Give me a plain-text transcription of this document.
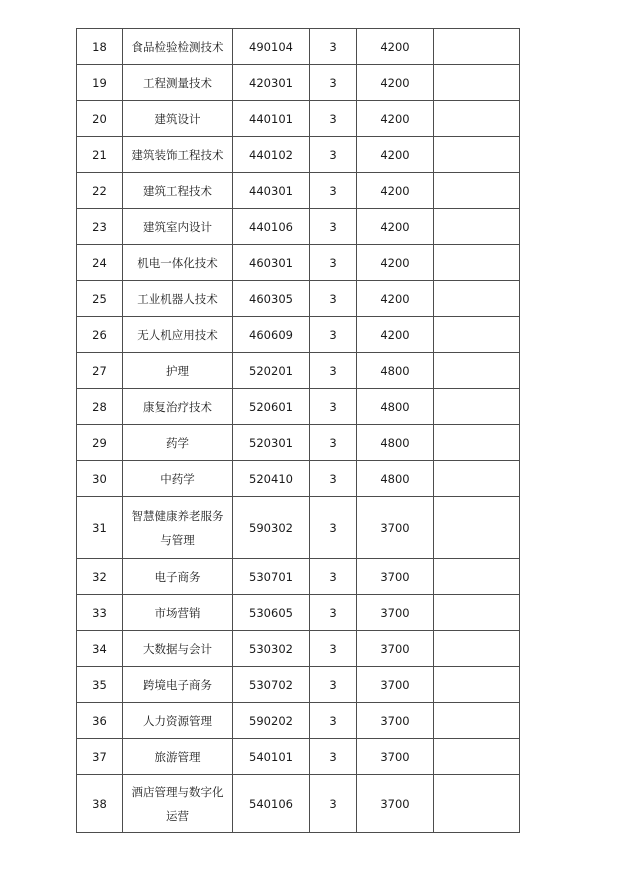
18	食品检验检测技术	490104	3	4200	
19	工程测量技术	420301	3	4200	
20	建筑设计	440101	3	4200	
21	建筑装饰工程技术	440102	3	4200	
22	建筑工程技术	440301	3	4200	
23	建筑室内设计	440106	3	4200	
24	机电一体化技术	460301	3	4200	
25	工业机器人技术	460305	3	4200	
26	无人机应用技术	460609	3	4200	
27	护理	520201	3	4800	
28	康复治疗技术	520601	3	4800	
29	药学	520301	3	4800	
30	中药学	520410	3	4800	
31	智慧健康养老服务与管理	590302	3	3700	
32	电子商务	530701	3	3700	
33	市场营销	530605	3	3700	
34	大数据与会计	530302	3	3700	
35	跨境电子商务	530702	3	3700	
36	人力资源管理	590202	3	3700	
37	旅游管理	540101	3	3700	
38	酒店管理与数字化运营	540106	3	3700	
